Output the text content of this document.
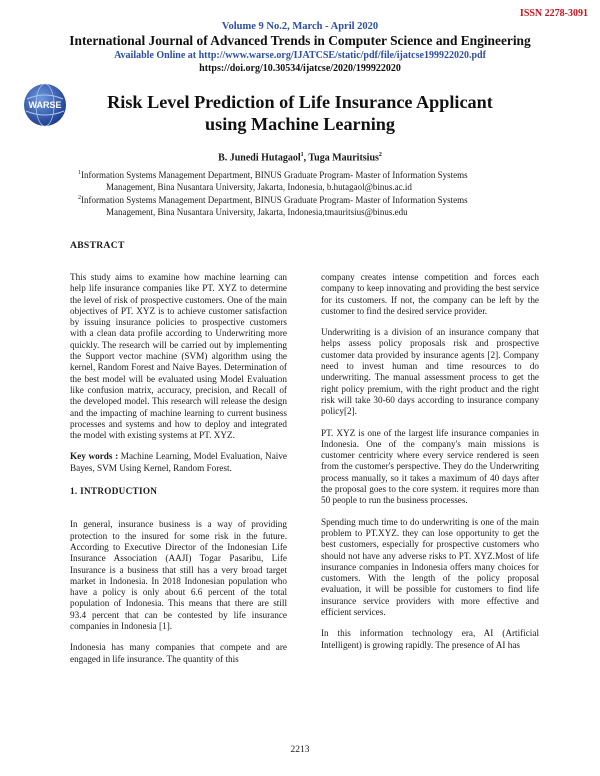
ISSN 2278-3091
Volume 9 No.2, March - April 2020
International Journal of Advanced Trends in Computer Science and Engineering
Available Online at http://www.warse.org/IJATCSE/static/pdf/file/ijatcse199922020.pdf
https://doi.org/10.30534/ijatcse/2020/199922020
WARSE	Risk Level Prediction of Life Insurance Applicant
using Machine Learning
B. Junedi Hutagaol$^1$, Tuga Mauritsius$^2$
$^1$Information Systems Management Department, BINUS Graduate Program- Master of Information Systems
Management, Bina Nusantara University, Jakarta, Indonesia, b.hutagaol@binus.ac.id
$^2$Information Systems Management Department, BINUS Graduate Program- Master of Information Systems
Management, Bina Nusantara University, Jakarta, Indonesia,tmauritsius@binus.edu
ABSTRACT

This study aims to examine how machine learning can help life insurance companies like PT. XYZ to determine the level of risk of prospective customers. One of the main objectives of PT. XYZ is to achieve customer satisfaction by issuing insurance policies to prospective customers with a clean data profile according to Underwriting more quickly. The research will be carried out by implementing the Support vector machine (SVM) algorithm using the kernel, Random Forest and Naive Bayes. Determination of the best model will be evaluated using Model Evaluation like confusion matrix, accuracy, precision, and Recall of the developed model. This research will release the design and the impacting of machine learning to current business processes and systems and how to deploy and integrated the model with existing systems at PT. XYZ.

Key words : Machine Learning, Model Evaluation, Naive Bayes, SVM Using Kernel, Random Forest.

1. INTRODUCTION

In general, insurance business is a way of providing protection to the insured for some risk in the future. According to Executive Director of the Indonesian Life Insurance Association (AAJI) Togar Pasaribu, Life Insurance is a business that still has a very broad target market in Indonesia. In 2018 Indonesian population who have a policy is only about 6.6 percent of the total population of Indonesia. This means that there are still 93.4 percent that can be contested by life insurance companies in Indonesia [1].

Indonesia has many companies that compete and are engaged in life insurance. The quantity of this

company creates intense competition and forces each company to keep innovating and providing the best service for its customers. If not, the company can be left by the customer to find the desired service provider.

Underwriting is a division of an insurance company that helps assess policy proposals risk and prospective customer data provided by insurance agents [2]. Company need to invest human and time resources to do underwriting. The manual assessment process to get the right policy premium, with the right product and the right risk will take 30-60 days according to insurance company policy[2].

PT. XYZ is one of the largest life insurance companies in Indonesia. One of the company's main missions is customer centricity where every service rendered is seen from the customer's perspective. They do the Underwriting process manually, so it takes a maximum of 40 days after the proposal goes to the core system. it requires more than 50 people to run the business processes.

Spending much time to do underwriting is one of the main problem to PT.XYZ. they can lose opportunity to get the best customers, especially for prospective customers who should not have any adverse risks to PT. XYZ.Most of life insurance companies in Indonesia offers many choices for customers. With the length of the policy proposal evaluation, it will be possible for customers to find life insurance service providers with more effective and efficient services.

In this information technology era, AI (Artificial Intelligent) is growing rapidly. The presence of AI has

2213
